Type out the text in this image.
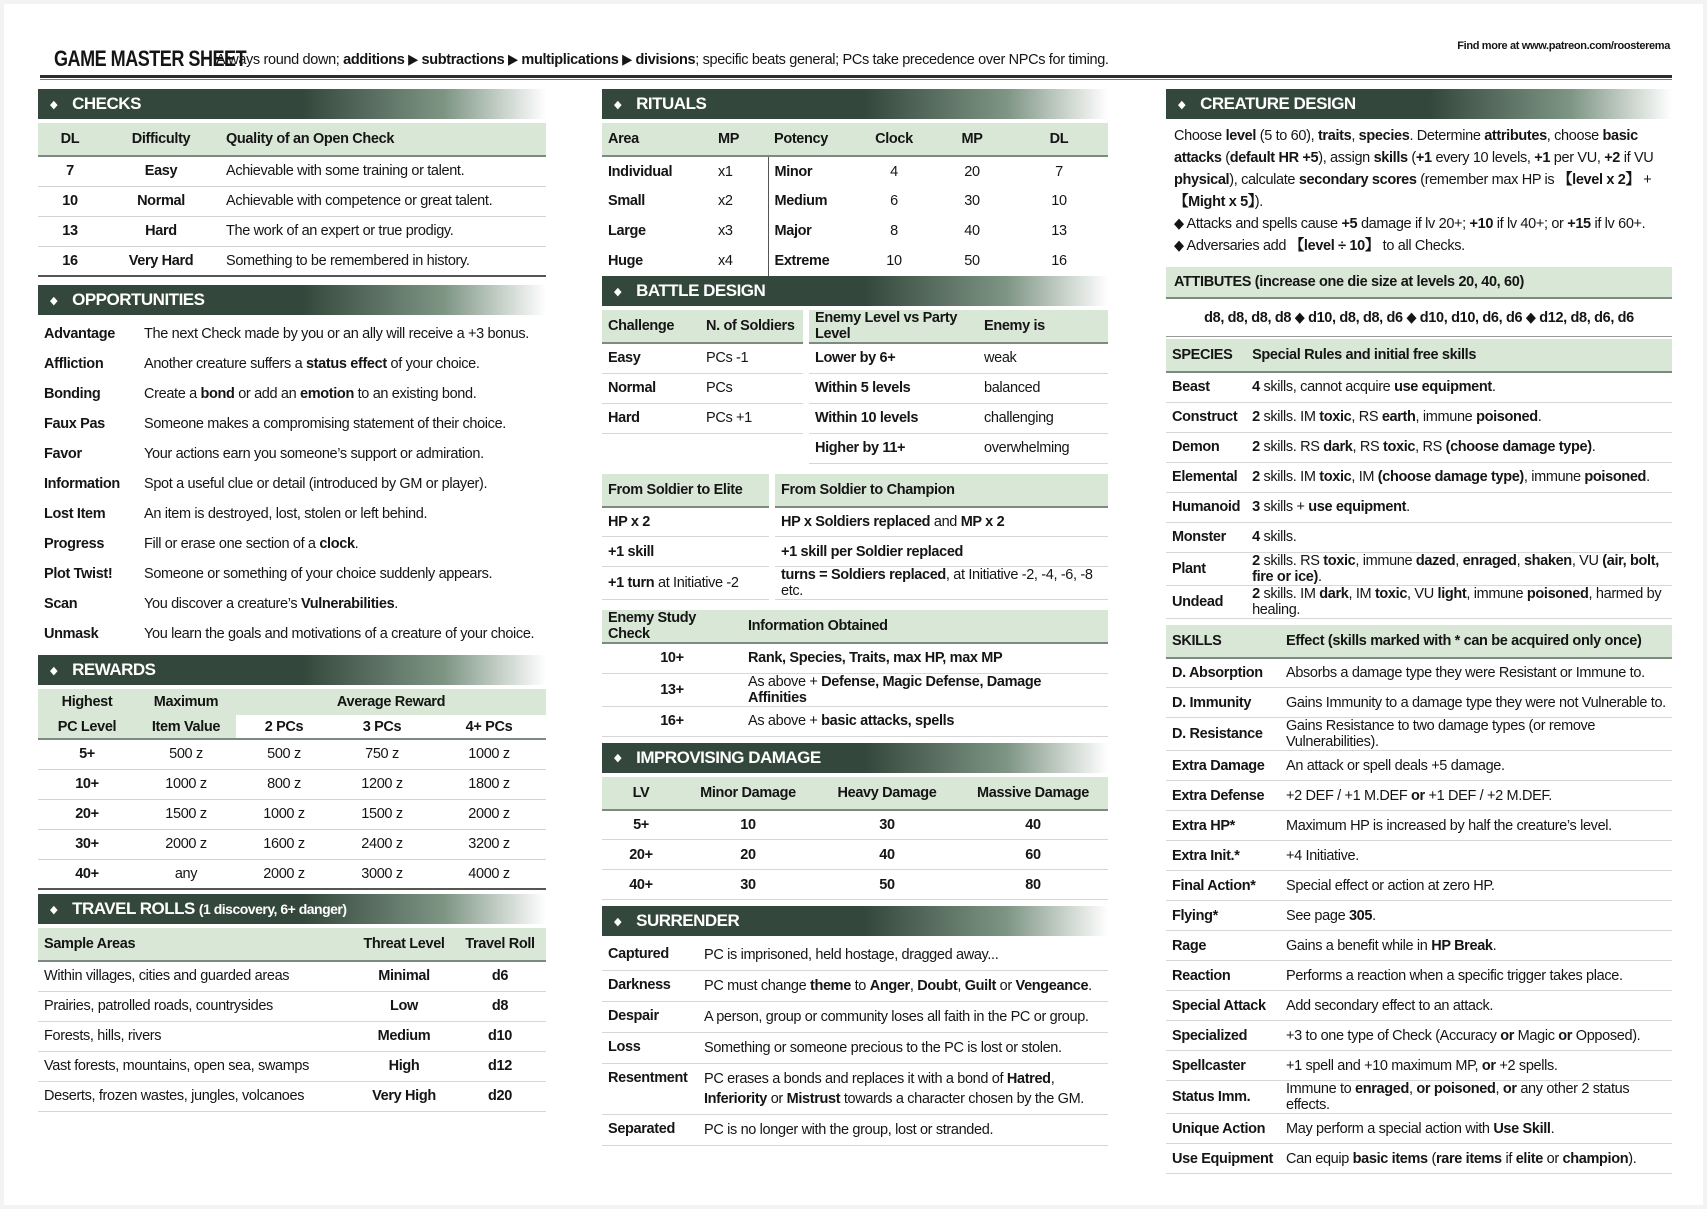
GAME MASTER SHEET
Always round down; additions ▶ subtractions ▶ multiplications ▶ divisions; specific beats general; PCs take precedence over NPCs for timing.
Find more at www.patreon.com/roosterema
◆ CHECKS
DL	Difficulty	Quality of an Open Check
7	Easy	Achievable with some training or talent.
10	Normal	Achievable with competence or great talent.
13	Hard	The work of an expert or true prodigy.
16	Very Hard	Something to be remembered in history.
◆ OPPORTUNITIES
Advantage	The next Check made by you or an ally will receive a +3 bonus.
Affliction	Another creature suffers a status effect of your choice.
Bonding	Create a bond or add an emotion to an existing bond.
Faux Pas	Someone makes a compromising statement of their choice.
Favor	Your actions earn you someone’s support or admiration.
Information	Spot a useful clue or detail (introduced by GM or player).
Lost Item	An item is destroyed, lost, stolen or left behind.
Progress	Fill or erase one section of a clock.
Plot Twist!	Someone or something of your choice suddenly appears.
Scan	You discover a creature’s Vulnerabilities.
Unmask	You learn the goals and motivations of a creature of your choice.
◆ REWARDS
Highest	Maximum	Average Reward		
PC Level	Item Value	2 PCs	3 PCs	4+ PCs
5+	500 z	500 z	750 z	1000 z
10+	1000 z	800 z	1200 z	1800 z
20+	1500 z	1000 z	1500 z	2000 z
30+	2000 z	1600 z	2400 z	3200 z
40+	any	2000 z	3000 z	4000 z
◆ TRAVEL ROLLS (1 discovery, 6+ danger)
Sample Areas	Threat Level	Travel Roll
Within villages, cities and guarded areas	Minimal	d6
Prairies, patrolled roads, countrysides	Low	d8
Forests, hills, rivers	Medium	d10
Vast forests, mountains, open sea, swamps	High	d12
Deserts, frozen wastes, jungles, volcanoes	Very High	d20
◆ RITUALS
Area	MP	Potency	Clock	MP	DL
Individual	x1	Minor	4	20	7
Small	x2	Medium	6	30	10
Large	x3	Major	8	40	13
Huge	x4	Extreme	10	50	16
◆ BATTLE DESIGN
Challenge	N. of Soldiers	Enemy Level vs Party Level	Enemy is
Easy	PCs -1	Lower by 6+	weak
Normal	PCs	Within 5 levels	balanced
Hard	PCs +1	Within 10 levels	challenging
		Higher by 11+	overwhelming
From Soldier to Elite	From Soldier to Champion
HP x 2	HP x Soldiers replaced and MP x 2
+1 skill	+1 skill per Soldier replaced
+1 turn at Initiative -2	turns = Soldiers replaced, at Initiative -2, -4, -6, -8 etc.
Enemy Study Check	Information Obtained
10+	Rank, Species, Traits, max HP, max MP
13+	As above + Defense, Magic Defense, Damage Affinities
16+	As above + basic attacks, spells
◆ IMPROVISING DAMAGE
LV	Minor Damage	Heavy Damage	Massive Damage
5+	10	30	40
20+	20	40	60
40+	30	50	80
◆ SURRENDER
Captured	PC is imprisoned, held hostage, dragged away...
Darkness	PC must change theme to Anger, Doubt, Guilt or Vengeance.
Despair	A person, group or community loses all faith in the PC or group.
Loss	Something or someone precious to the PC is lost or stolen.
Resentment	PC erases a bonds and replaces it with a bond of Hatred, Inferiority or Mistrust towards a character chosen by the GM.
Separated	PC is no longer with the group, lost or stranded.
◆ CREATURE DESIGN

Choose level (5 to 60), traits, species. Determine attributes, choose basic attacks (default HR +5), assign skills (+1 every 10 levels, +1 per VU, +2 if VU physical), calculate secondary scores (remember max HP is 【level x 2】 + 【Might x 5】).

◆ Attacks and spells cause +5 damage if lv 20+; +10 if lv 40+; or +15 if lv 60+.

◆ Adversaries add 【level ÷ 10】 to all Checks.

ATTIBUTES (increase one die size at levels 20, 40, 60)
d8, d8, d8, d8 ◆ d10, d8, d8, d6 ◆ d10, d10, d6, d6 ◆ d12, d8, d6, d6
SPECIES	Special Rules and initial free skills
Beast	4 skills, cannot acquire use equipment.
Construct	2 skills. IM toxic, RS earth, immune poisoned.
Demon	2 skills. RS dark, RS toxic, RS (choose damage type).
Elemental	2 skills. IM toxic, IM (choose damage type), immune poisoned.
Humanoid	3 skills + use equipment.
Monster	4 skills.
Plant	2 skills. RS toxic, immune dazed, enraged, shaken, VU (air, bolt, fire or ice).
Undead	2 skills. IM dark, IM toxic, VU light, immune poisoned, harmed by healing.
SKILLS	Effect (skills marked with * can be acquired only once)
D. Absorption	Absorbs a damage type they were Resistant or Immune to.
D. Immunity	Gains Immunity to a damage type they were not Vulnerable to.
D. Resistance	Gains Resistance to two damage types (or remove Vulnerabilities).
Extra Damage	An attack or spell deals +5 damage.
Extra Defense	+2 DEF / +1 M.DEF or +1 DEF / +2 M.DEF.
Extra HP*	Maximum HP is increased by half the creature’s level.
Extra Init.*	+4 Initiative.
Final Action*	Special effect or action at zero HP.
Flying*	See page 305.
Rage	Gains a benefit while in HP Break.
Reaction	Performs a reaction when a specific trigger takes place.
Special Attack	Add secondary effect to an attack.
Specialized	+3 to one type of Check (Accuracy or Magic or Opposed).
Spellcaster	+1 spell and +10 maximum MP, or +2 spells.
Status Imm.	Immune to enraged, or poisoned, or any other 2 status effects.
Unique Action	May perform a special action with Use Skill.
Use Equipment	Can equip basic items (rare items if elite or champion).
